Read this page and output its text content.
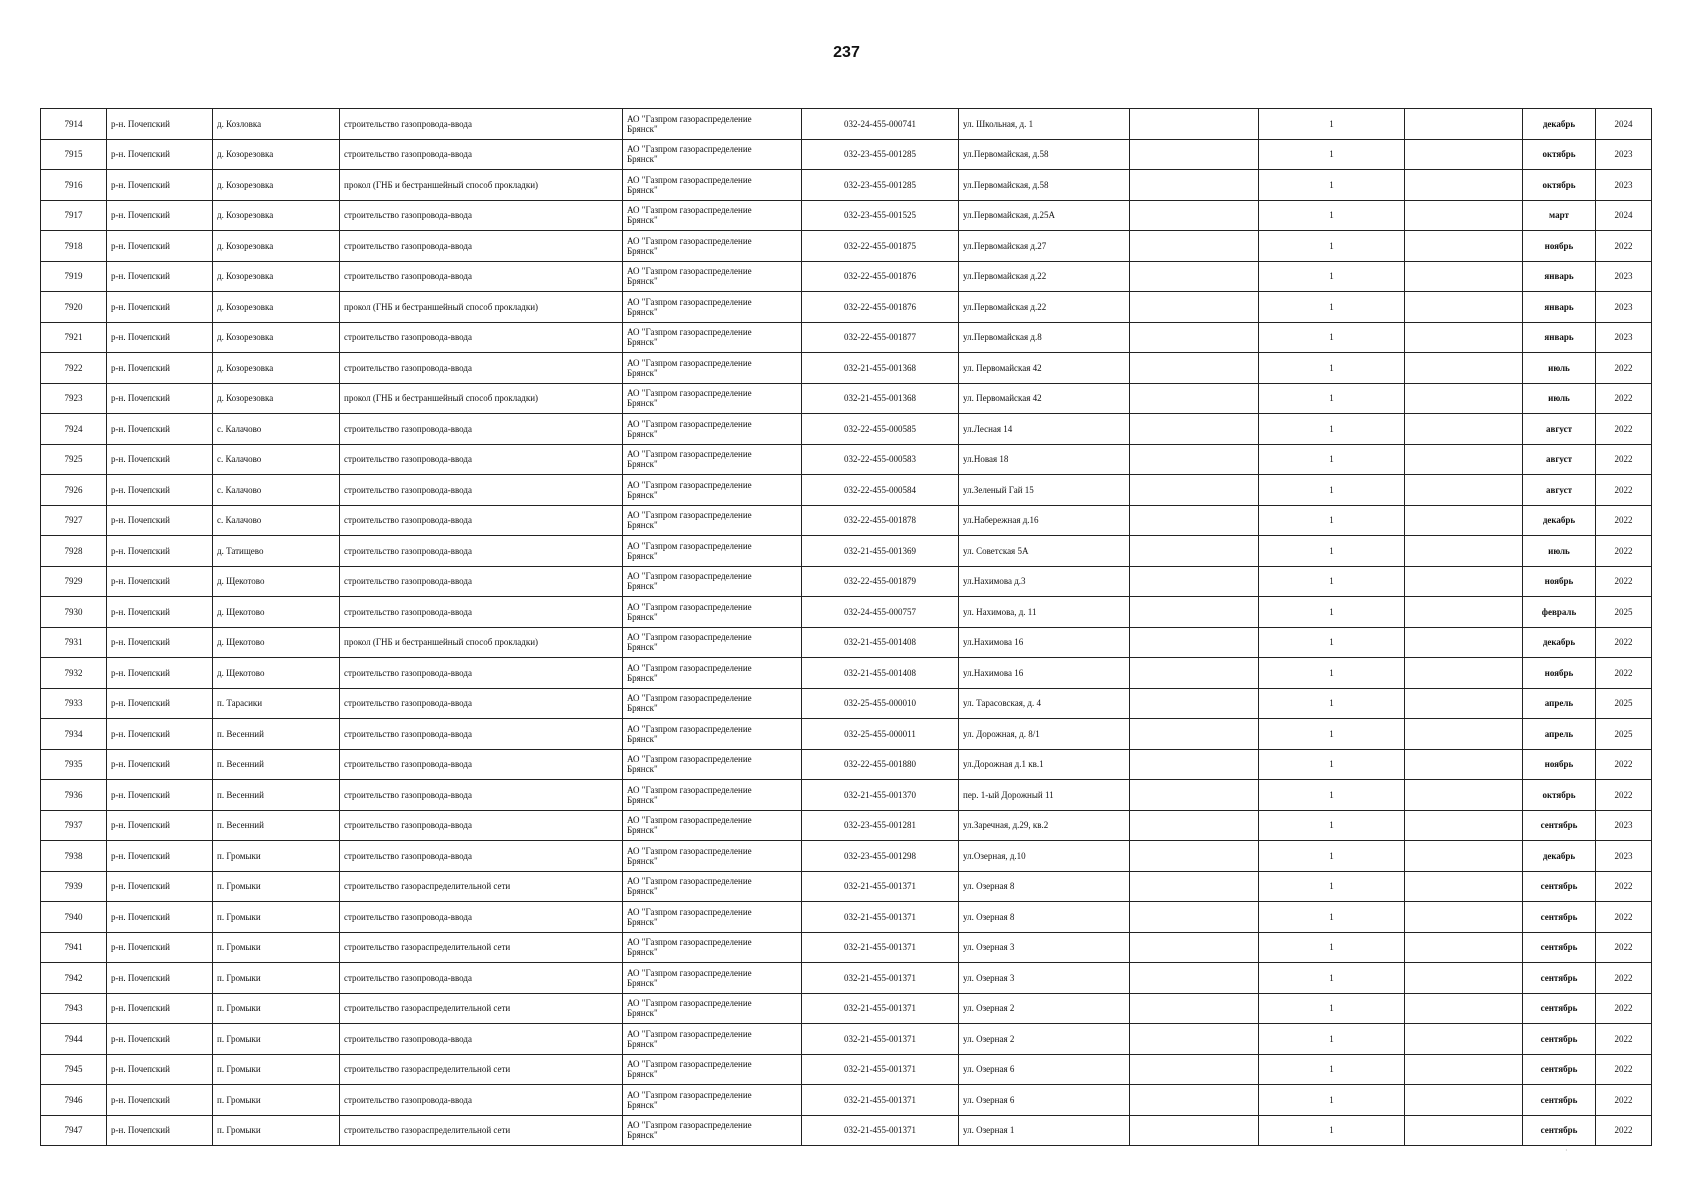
237
7914	р-н. Почепский	д. Козловка	строительство газопровода-ввода	АО "Газпром газораспределение
Брянск"	032-24-455-000741	ул. Школьная, д. 1		1		декабрь	2024
7915	р-н. Почепский	д. Козорезовка	строительство газопровода-ввода	АО "Газпром газораспределение
Брянск"	032-23-455-001285	ул.Первомайская, д.58		1		октябрь	2023
7916	р-н. Почепский	д. Козорезовка	прокол (ГНБ и бестраншейный способ прокладки)	АО "Газпром газораспределение
Брянск"	032-23-455-001285	ул.Первомайская, д.58		1		октябрь	2023
7917	р-н. Почепский	д. Козорезовка	строительство газопровода-ввода	АО "Газпром газораспределение
Брянск"	032-23-455-001525	ул.Первомайская, д.25А		1		март	2024
7918	р-н. Почепский	д. Козорезовка	строительство газопровода-ввода	АО "Газпром газораспределение
Брянск"	032-22-455-001875	ул.Первомайская д.27		1		ноябрь	2022
7919	р-н. Почепский	д. Козорезовка	строительство газопровода-ввода	АО "Газпром газораспределение
Брянск"	032-22-455-001876	ул.Первомайская д.22		1		январь	2023
7920	р-н. Почепский	д. Козорезовка	прокол (ГНБ и бестраншейный способ прокладки)	АО "Газпром газораспределение
Брянск"	032-22-455-001876	ул.Первомайская д.22		1		январь	2023
7921	р-н. Почепский	д. Козорезовка	строительство газопровода-ввода	АО "Газпром газораспределение
Брянск"	032-22-455-001877	ул.Первомайская д.8		1		январь	2023
7922	р-н. Почепский	д. Козорезовка	строительство газопровода-ввода	АО "Газпром газораспределение
Брянск"	032-21-455-001368	ул. Первомайская 42		1		июль	2022
7923	р-н. Почепский	д. Козорезовка	прокол (ГНБ и бестраншейный способ прокладки)	АО "Газпром газораспределение
Брянск"	032-21-455-001368	ул. Первомайская 42		1		июль	2022
7924	р-н. Почепский	с. Калачово	строительство газопровода-ввода	АО "Газпром газораспределение
Брянск"	032-22-455-000585	ул.Лесная 14		1		август	2022
7925	р-н. Почепский	с. Калачово	строительство газопровода-ввода	АО "Газпром газораспределение
Брянск"	032-22-455-000583	ул.Новая 18		1		август	2022
7926	р-н. Почепский	с. Калачово	строительство газопровода-ввода	АО "Газпром газораспределение
Брянск"	032-22-455-000584	ул.Зеленый Гай 15		1		август	2022
7927	р-н. Почепский	с. Калачово	строительство газопровода-ввода	АО "Газпром газораспределение
Брянск"	032-22-455-001878	ул.Набережная д.16		1		декабрь	2022
7928	р-н. Почепский	д. Татищево	строительство газопровода-ввода	АО "Газпром газораспределение
Брянск"	032-21-455-001369	ул. Советская 5А		1		июль	2022
7929	р-н. Почепский	д. Щекотово	строительство газопровода-ввода	АО "Газпром газораспределение
Брянск"	032-22-455-001879	ул.Нахимова д.3		1		ноябрь	2022
7930	р-н. Почепский	д. Щекотово	строительство газопровода-ввода	АО "Газпром газораспределение
Брянск"	032-24-455-000757	ул. Нахимова, д. 11		1		февраль	2025
7931	р-н. Почепский	д. Щекотово	прокол (ГНБ и бестраншейный способ прокладки)	АО "Газпром газораспределение
Брянск"	032-21-455-001408	ул.Нахимова 16		1		декабрь	2022
7932	р-н. Почепский	д. Щекотово	строительство газопровода-ввода	АО "Газпром газораспределение
Брянск"	032-21-455-001408	ул.Нахимова 16		1		ноябрь	2022
7933	р-н. Почепский	п. Тарасики	строительство газопровода-ввода	АО "Газпром газораспределение
Брянск"	032-25-455-000010	ул. Тарасовская, д. 4		1		апрель	2025
7934	р-н. Почепский	п. Весенний	строительство газопровода-ввода	АО "Газпром газораспределение
Брянск"	032-25-455-000011	ул. Дорожная, д. 8/1		1		апрель	2025
7935	р-н. Почепский	п. Весенний	строительство газопровода-ввода	АО "Газпром газораспределение
Брянск"	032-22-455-001880	ул.Дорожная д.1 кв.1		1		ноябрь	2022
7936	р-н. Почепский	п. Весенний	строительство газопровода-ввода	АО "Газпром газораспределение
Брянск"	032-21-455-001370	пер. 1-ый Дорожный 11		1		октябрь	2022
7937	р-н. Почепский	п. Весенний	строительство газопровода-ввода	АО "Газпром газораспределение
Брянск"	032-23-455-001281	ул.Заречная, д.29, кв.2		1		сентябрь	2023
7938	р-н. Почепский	п. Громыки	строительство газопровода-ввода	АО "Газпром газораспределение
Брянск"	032-23-455-001298	ул.Озерная, д.10		1		декабрь	2023
7939	р-н. Почепский	п. Громыки	строительство газораспределительной сети	АО "Газпром газораспределение
Брянск"	032-21-455-001371	ул. Озерная 8		1		сентябрь	2022
7940	р-н. Почепский	п. Громыки	строительство газопровода-ввода	АО "Газпром газораспределение
Брянск"	032-21-455-001371	ул. Озерная 8		1		сентябрь	2022
7941	р-н. Почепский	п. Громыки	строительство газораспределительной сети	АО "Газпром газораспределение
Брянск"	032-21-455-001371	ул. Озерная 3		1		сентябрь	2022
7942	р-н. Почепский	п. Громыки	строительство газопровода-ввода	АО "Газпром газораспределение
Брянск"	032-21-455-001371	ул. Озерная 3		1		сентябрь	2022
7943	р-н. Почепский	п. Громыки	строительство газораспределительной сети	АО "Газпром газораспределение
Брянск"	032-21-455-001371	ул. Озерная 2		1		сентябрь	2022
7944	р-н. Почепский	п. Громыки	строительство газопровода-ввода	АО "Газпром газораспределение
Брянск"	032-21-455-001371	ул. Озерная 2		1		сентябрь	2022
7945	р-н. Почепский	п. Громыки	строительство газораспределительной сети	АО "Газпром газораспределение
Брянск"	032-21-455-001371	ул. Озерная 6		1		сентябрь	2022
7946	р-н. Почепский	п. Громыки	строительство газопровода-ввода	АО "Газпром газораспределение
Брянск"	032-21-455-001371	ул. Озерная 6		1		сентябрь	2022
7947	р-н. Почепский	п. Громыки	строительство газораспределительной сети	АО "Газпром газораспределение
Брянск"	032-21-455-001371	ул. Озерная 1		1		сентябрь	2022
·
